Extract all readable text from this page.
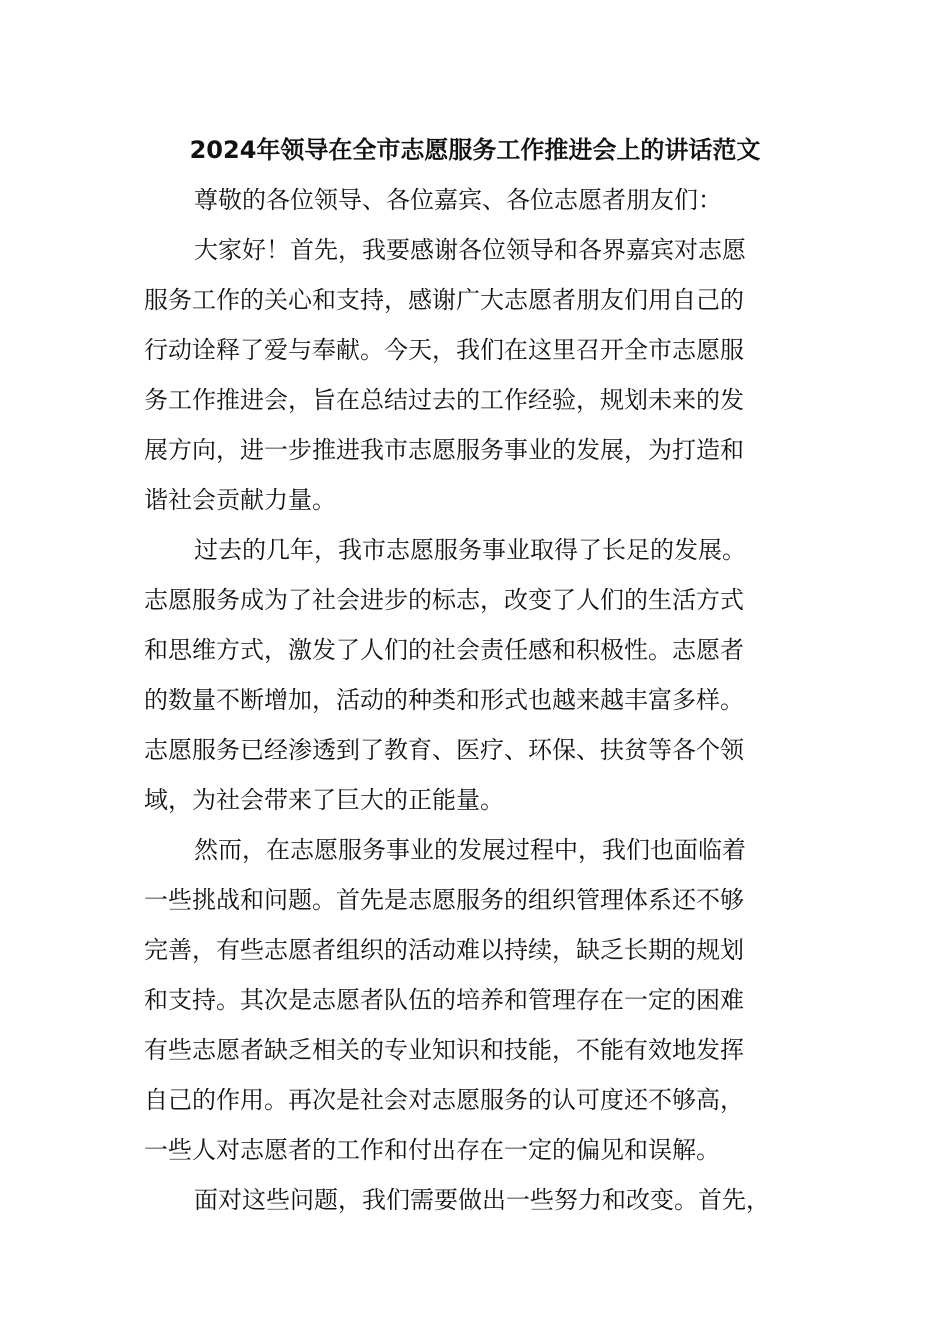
2024年领导在全市志愿服务工作推进会上的讲话范文
尊敬的各位领导、各位嘉宾、各位志愿者朋友们：
大家好！首先，我要感谢各位领导和各界嘉宾对志愿
服务工作的关心和支持，感谢广大志愿者朋友们用自己的
行动诠释了爱与奉献。今天，我们在这里召开全市志愿服
务工作推进会，旨在总结过去的工作经验，规划未来的发
展方向，进一步推进我市志愿服务事业的发展，为打造和
谐社会贡献力量。
过去的几年，我市志愿服务事业取得了长足的发展。
志愿服务成为了社会进步的标志，改变了人们的生活方式
和思维方式，激发了人们的社会责任感和积极性。志愿者
的数量不断增加，活动的种类和形式也越来越丰富多样。
志愿服务已经渗透到了教育、医疗、环保、扶贫等各个领
域，为社会带来了巨大的正能量。
然而，在志愿服务事业的发展过程中，我们也面临着
一些挑战和问题。首先是志愿服务的组织管理体系还不够
完善，有些志愿者组织的活动难以持续，缺乏长期的规划
和支持。其次是志愿者队伍的培养和管理存在一定的困难
有些志愿者缺乏相关的专业知识和技能，不能有效地发挥
自己的作用。再次是社会对志愿服务的认可度还不够高，
一些人对志愿者的工作和付出存在一定的偏见和误解。
面对这些问题，我们需要做出一些努力和改变。首先，
